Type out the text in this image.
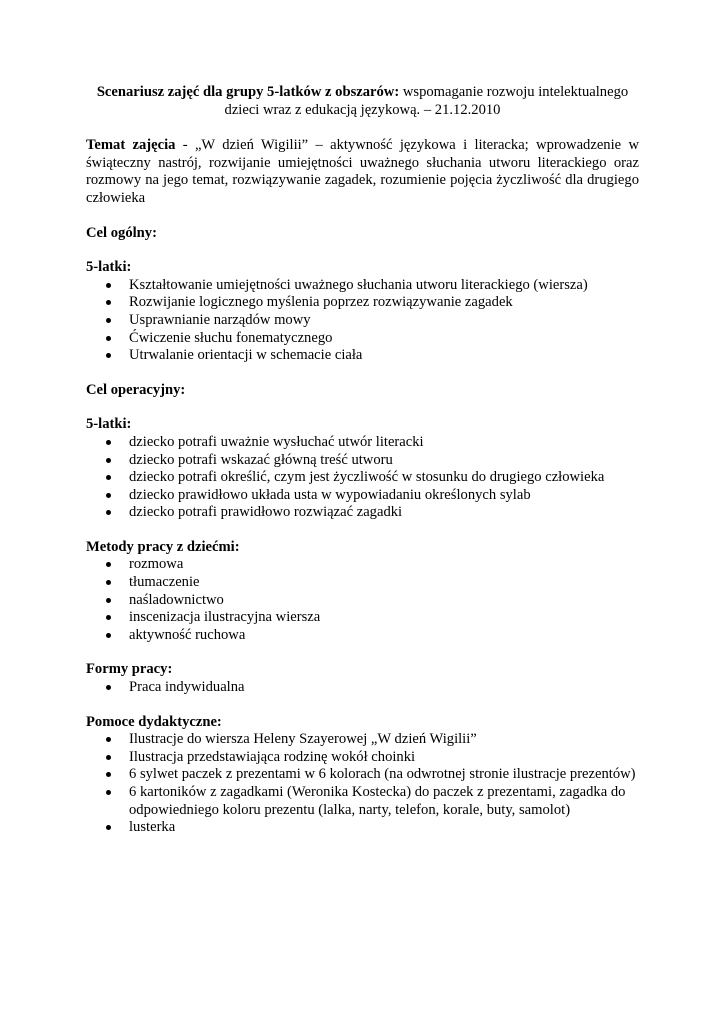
Scenariusz zajęć dla grupy 5-latków z obszarów: wspomaganie rozwoju intelektualnego dzieci wraz z edukacją językową. – 21.12.2010

Temat zajęcia - „W dzień Wigilii” – aktywność językowa i literacka; wprowadzenie w świąteczny nastrój, rozwijanie umiejętności uważnego słuchania utworu literackiego oraz rozmowy na jego temat, rozwiązywanie zagadek, rozumienie pojęcia życzliwość dla drugiego człowieka

Cel ogólny:

5-latki:

Kształtowanie umiejętności uważnego słuchania utworu literackiego (wiersza)
Rozwijanie logicznego myślenia poprzez rozwiązywanie zagadek
Usprawnianie narządów mowy
Ćwiczenie słuchu fonematycznego
Utrwalanie orientacji w schemacie ciała

Cel operacyjny:

5-latki:

dziecko potrafi uważnie wysłuchać utwór literacki
dziecko potrafi wskazać główną treść utworu
dziecko potrafi określić, czym jest życzliwość w stosunku do drugiego człowieka
dziecko prawidłowo układa usta w wypowiadaniu określonych sylab
dziecko potrafi prawidłowo rozwiązać zagadki

Metody pracy z dziećmi:

rozmowa
tłumaczenie
naśladownictwo
inscenizacja ilustracyjna wiersza
aktywność ruchowa

Formy pracy:

Praca indywidualna

Pomoce dydaktyczne:

Ilustracje do wiersza Heleny Szayerowej „W dzień Wigilii”
Ilustracja przedstawiająca rodzinę wokół choinki
6 sylwet paczek z prezentami w 6 kolorach (na odwrotnej stronie ilustracje prezentów)
6 kartoników z zagadkami (Weronika Kostecka) do paczek z prezentami, zagadka do odpowiedniego koloru prezentu (lalka, narty, telefon, korale, buty, samolot)
lusterka
